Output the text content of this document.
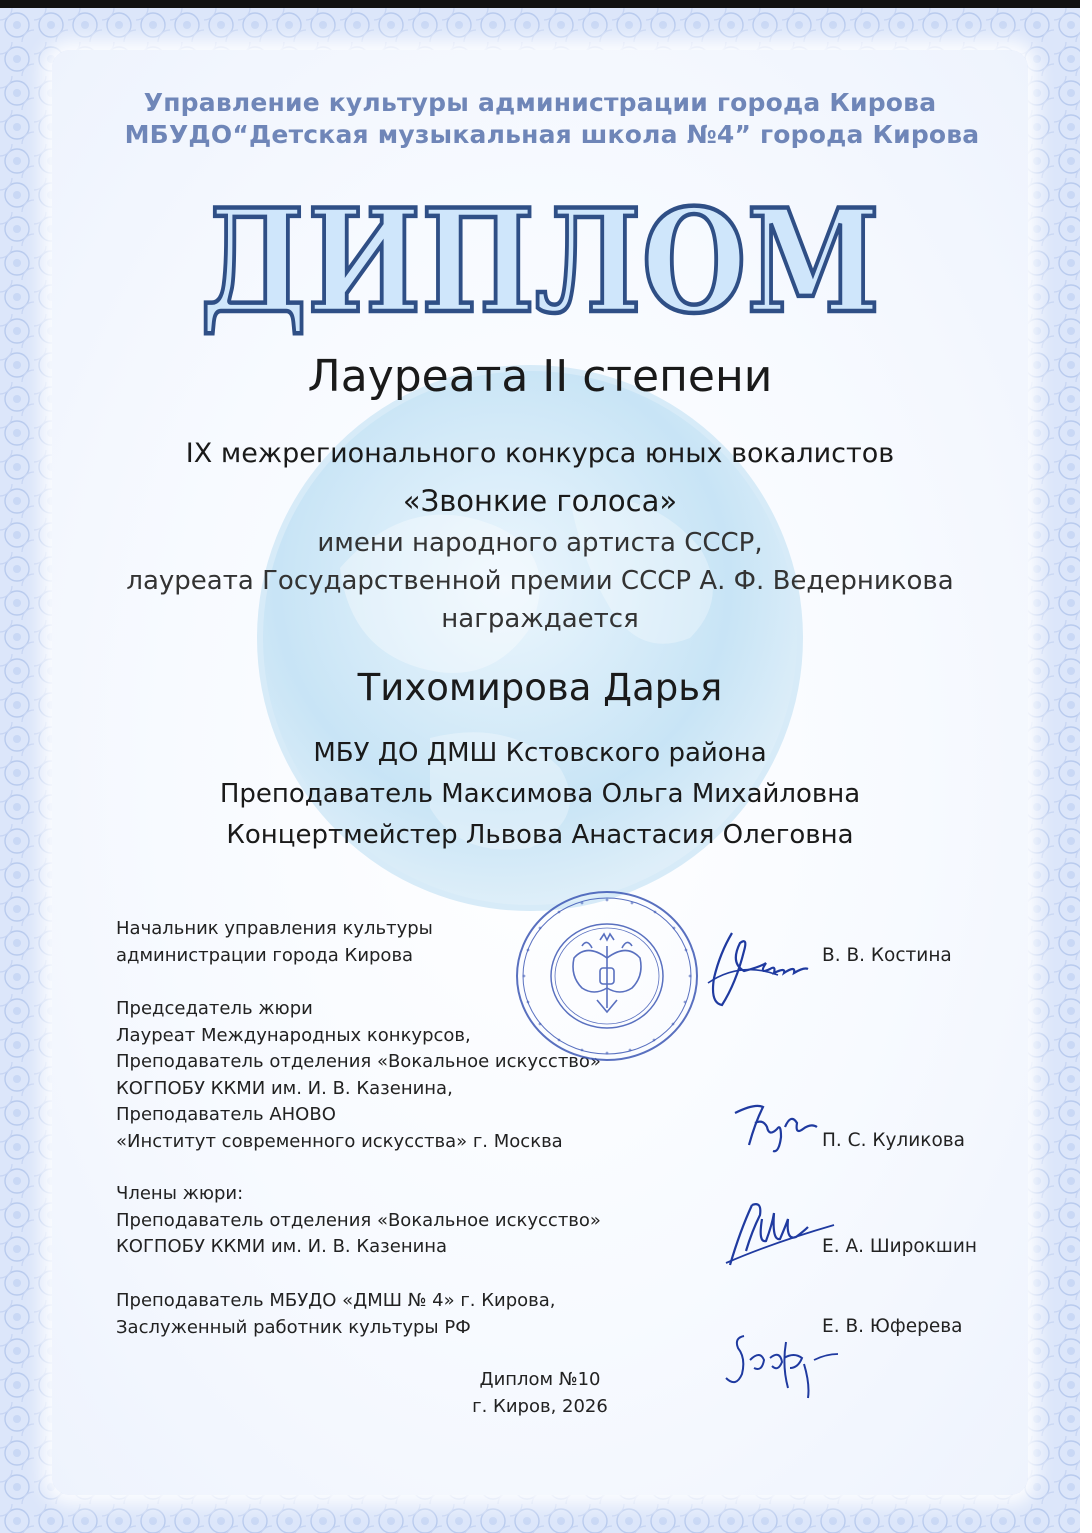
Управление культуры администрации города Кирова
МБУДО“Детская музыкальная школа №4” города Кирова
ДИПЛОМ
Лауреата II степени
IX межрегионального конкурса юных вокалистов
«Звонкие голоса»
имени народного артиста СССР,
лауреата Государственной премии СССР А. Ф. Ведерникова
награждается
Тихомирова Дарья
МБУ ДО ДМШ Кстовского района
Преподаватель Максимова Ольга Михайловна
Концертмейстер Львова Анастасия Олеговна
Начальник управления культуры
администрации города Кирова	В. В. Костина
Председатель жюри
Лауреат Международных конкурсов,
Преподаватель отделения «Вокальное искусство»
КОГПОБУ ККМИ им. И. В. Казенина,
Преподаватель АНОВО
«Институт современного искусства» г. Москва	П. С. Куликова
Члены жюри:
Преподаватель отделения «Вокальное искусство»
КОГПОБУ ККМИ им. И. В. Казенина	Е. А. Широкшин
Преподаватель МБУДО «ДМШ № 4» г. Кирова,
Заслуженный работник культуры РФ	Е. В. Юферева
Диплом №10
г. Киров, 2026
